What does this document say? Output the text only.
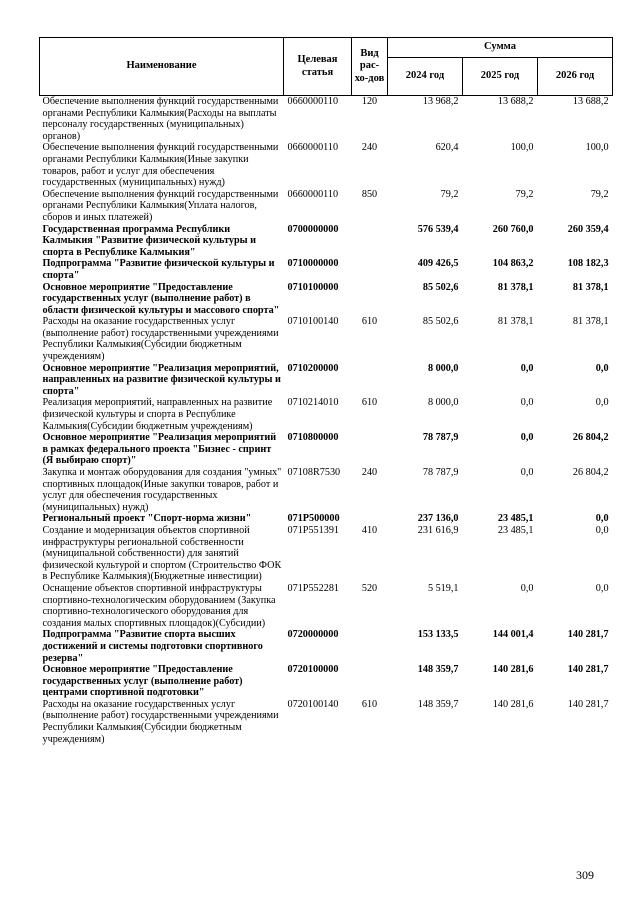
Наименование	Целевая статья	Вид рас-хо-дов	Сумма		
			2024 год	2025 год	2026 год
Обеспечение выполнения функций государственными органами Республики Калмыкия(Расходы на выплаты персоналу государственных (муниципальных) органов)	0660000110	120	13 968,2	13 688,2	13 688,2
Обеспечение выполнения функций государственными органами Республики Калмыкия(Иные закупки товаров, работ и услуг для обеспечения государственных (муниципальных) нужд)	0660000110	240	620,4	100,0	100,0
Обеспечение выполнения функций государственными органами Республики Калмыкия(Уплата налогов, сборов и иных платежей)	0660000110	850	79,2	79,2	79,2
Государственная программа Республики Калмыкия "Развитие физической культуры и спорта в Республике Калмыкия"	0700000000		576 539,4	260 760,0	260 359,4
Подпрограмма "Развитие физической культуры и спорта"	0710000000		409 426,5	104 863,2	108 182,3
Основное мероприятие "Предоставление государственных услуг (выполнение работ) в области физической культуры и массового спорта"	0710100000		85 502,6	81 378,1	81 378,1
Расходы на оказание государственных услуг (выполнение работ) государственными учреждениями Республики Калмыкия(Субсидии бюджетным учреждениям)	0710100140	610	85 502,6	81 378,1	81 378,1
Основное мероприятие "Реализация мероприятий, направленных на развитие физической культуры и спорта"	0710200000		8 000,0	0,0	0,0
Реализация мероприятий, направленных на развитие физической культуры и спорта в Республике Калмыкия(Субсидии бюджетным учреждениям)	0710214010	610	8 000,0	0,0	0,0
Основное мероприятие "Реализация мероприятий в рамках федерального проекта "Бизнес - спринт (Я выбираю спорт)"	0710800000		78 787,9	0,0	26 804,2
Закупка и монтаж оборудования для создания "умных" спортивных площадок(Иные закупки товаров, работ и услуг для обеспечения государственных (муниципальных) нужд)	07108R7530	240	78 787,9	0,0	26 804,2
Региональный проект "Спорт-норма жизни"	071P500000		237 136,0	23 485,1	0,0
Создание и модернизация объектов спортивной инфраструктуры региональной собственности (муниципальной собственности) для занятий физической культурой и спортом (Строительство ФОК в Республике Калмыкия)(Бюджетные инвестиции)	071P551391	410	231 616,9	23 485,1	0,0
Оснащение объектов спортивной инфраструктуры спортивно-технологическим оборудованием (Закупка спортивно-технологического оборудования для создания малых спортивных площадок)(Субсидии)	071P552281	520	5 519,1	0,0	0,0
Подпрограмма "Развитие спорта высших достижений и системы подготовки спортивного резерва"	0720000000		153 133,5	144 001,4	140 281,7
Основное мероприятие "Предоставление государственных услуг (выполнение работ) центрами спортивной подготовки"	0720100000		148 359,7	140 281,6	140 281,7
Расходы на оказание государственных услуг (выполнение работ) государственными учреждениями Республики Калмыкия(Субсидии бюджетным учреждениям)	0720100140	610	148 359,7	140 281,6	140 281,7
309
